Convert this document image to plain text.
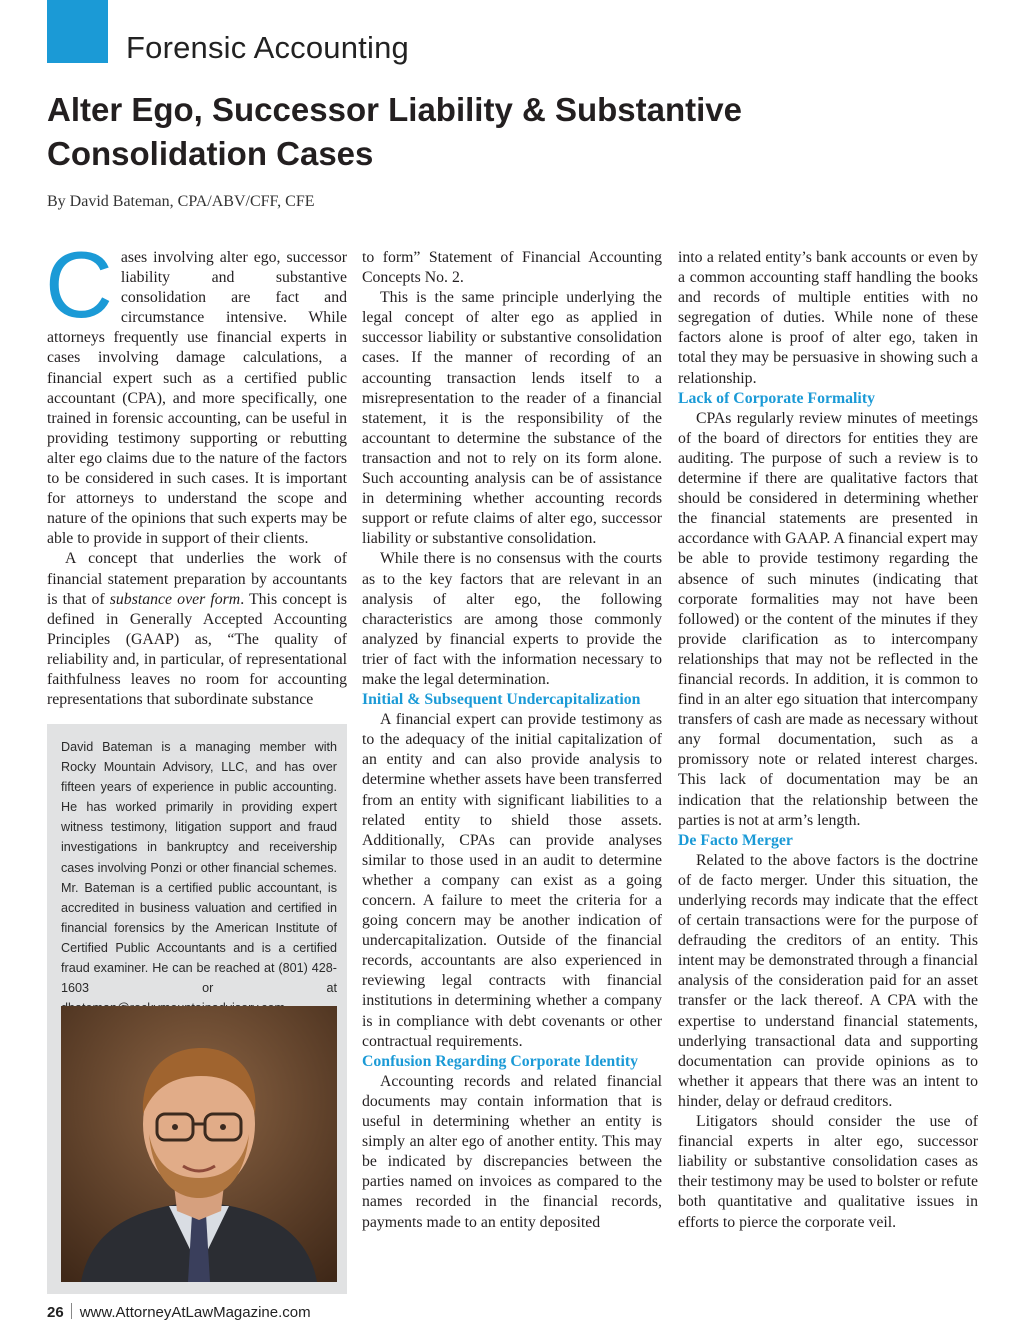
Forensic Accounting
Alter Ego, Successor Liability & Substantive Consolidation Cases
By David Bateman, CPA/ABV/CFF, CFE

Cases involving alter ego, successor liability and substantive consolidation are fact and circumstance intensive. While attorneys frequently use financial experts in cases involving damage calculations, a financial expert such as a certified public accountant (CPA), and more specifically, one trained in forensic accounting, can be useful in providing testimony supporting or rebutting alter ego claims due to the nature of the factors to be considered in such cases. It is important for attorneys to understand the scope and nature of the opinions that such experts may be able to provide in support of their clients.

A concept that underlies the work of financial statement preparation by accountants is that of substance over form. This concept is defined in Generally Accepted Accounting Principles (GAAP) as, “The quality of reliability and, in particular, of representational faithfulness leaves no room for accounting representations that subordinate substance

David Bateman is a managing member with Rocky Mountain Advisory, LLC, and has over fifteen years of experience in public accounting. He has worked primarily in providing expert witness testimony, litigation support and fraud investigations in bankruptcy and receivership cases involving Ponzi or other financial schemes. Mr. Bateman is a certified public accountant, is accredited in business valuation and certified in financial forensics by the American Institute of Certified Public Accountants and is a certified fraud examiner. He can be reached at (801) 428-1603 or at

to form” Statement of Financial Accounting Concepts No. 2.

This is the same principle underlying the legal concept of alter ego as applied in successor liability or substantive consolidation cases. If the manner of recording of an accounting transaction lends itself to a misrepresentation to the reader of a financial statement, it is the responsibility of the accountant to determine the substance of the transaction and not to rely on its form alone. Such accounting analysis can be of assistance in determining whether accounting records support or refute claims of alter ego, successor liability or substantive consolidation.

While there is no consensus with the courts as to the key factors that are relevant in an analysis of alter ego, the following characteristics are among those commonly analyzed by financial experts to provide the trier of fact with the information necessary to make the legal determination.

Initial & Subsequent Undercapitalization

A financial expert can provide testimony as to the adequacy of the initial capitalization of an entity and can also provide analysis to determine whether assets have been transferred from an entity with significant liabilities to a related entity to shield those assets. Additionally, CPAs can provide analyses similar to those used in an audit to determine whether a company can exist as a going concern. A failure to meet the criteria for a going concern may be another indication of undercapitalization. Outside of the financial records, accountants are also experienced in reviewing legal contracts with financial institutions in determining whether a company is in compliance with debt covenants or other contractual requirements.

Confusion Regarding Corporate Identity

Accounting records and related financial documents may contain information that is useful in determining whether an entity is simply an alter ego of another entity. This may be indicated by discrepancies between the parties named on invoices as compared to the names recorded in the financial records, payments made to an entity deposited

into a related entity’s bank accounts or even by a common accounting staff handling the books and records of multiple entities with no segregation of duties. While none of these factors alone is proof of alter ego, taken in total they may be persuasive in showing such a relationship.

Lack of Corporate Formality

CPAs regularly review minutes of meetings of the board of directors for entities they are auditing. The purpose of such a review is to determine if there are qualitative factors that should be considered in determining whether the financial statements are presented in accordance with GAAP. A financial expert may be able to provide testimony regarding the absence of such minutes (indicating that corporate formalities may not have been followed) or the content of the minutes if they provide clarification as to intercompany relationships that may not be reflected in the financial records. In addition, it is common to find in an alter ego situation that intercompany transfers of cash are made as necessary without any formal documentation, such as a promissory note or related interest charges. This lack of documentation may be an indication that the relationship between the parties is not at arm’s length.

De Facto Merger

Related to the above factors is the doctrine of de facto merger. Under this situation, the underlying records may indicate that the effect of certain transactions were for the purpose of defrauding the creditors of an entity. This intent may be demonstrated through a financial analysis of the consideration paid for an asset transfer or the lack thereof. A CPA with the expertise to understand financial statements, underlying transactional data and supporting documentation can provide opinions as to whether it appears that there was an intent to hinder, delay or defraud creditors.

Litigators should consider the use of financial experts in alter ego, successor liability or substantive consolidation cases as their testimony may be used to bolster or refute both quantitative and qualitative issues in efforts to pierce the corporate veil.

26 www.AttorneyAtLawMagazine.com
